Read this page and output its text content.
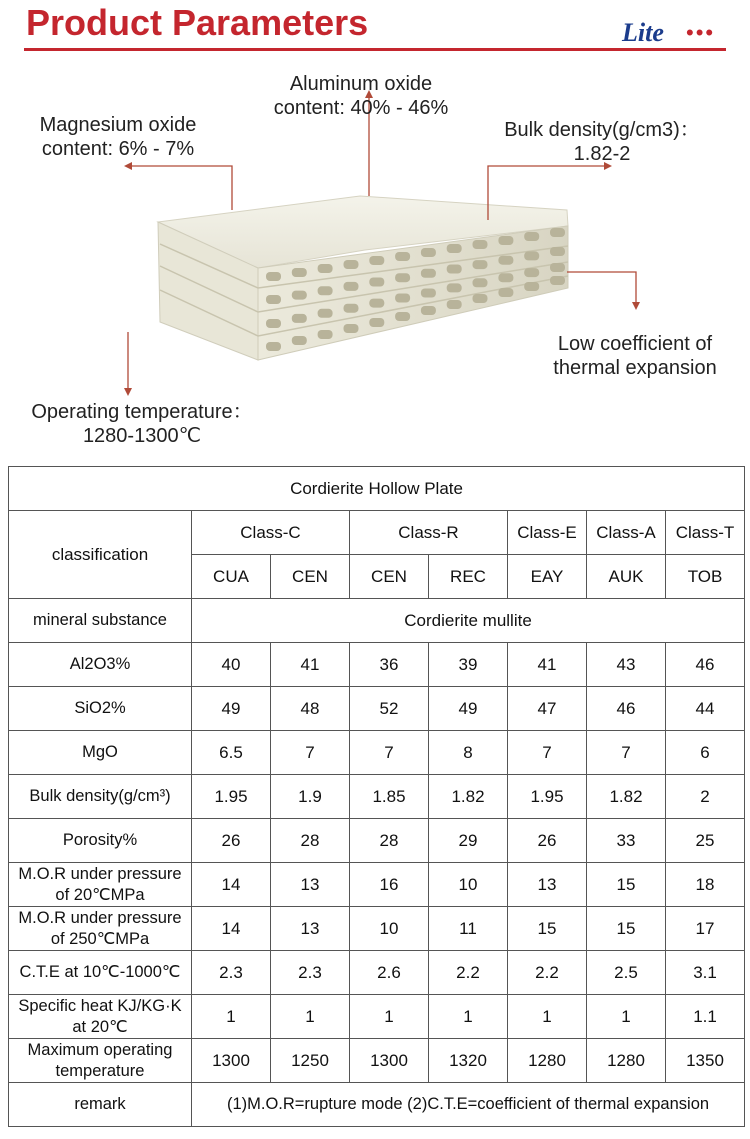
Product Parameters	Lite •••
Magnesium oxide
content: 6% - 7%
Aluminum oxide
content: 40% - 46%
Bulk density(g/cm3)：
1.82-2
Low coefficient of
thermal expansion
Operating temperature：
1280-1300℃
Cordierite Hollow Plate							
classification	Class-C		Class-R		Class-E	Class-A	Class-T
	CUA	CEN	CEN	REC	EAY	AUK	TOB
mineral substance	Cordierite mullite						

Al2O3%	40	41	36	39	41	43	46

SiO2%	49	48	52	49	47	46	44

MgO	6.5	7	7	8	7	7	6

Bulk density(g/cm³)	1.95	1.9	1.85	1.82	1.95	1.82	2

Porosity%	26	28	28	29	26	33	25

M.O.R under pressure
of 20℃MPa	14	13	16	10	13	15	18

M.O.R under pressure
of 250℃MPa	14	13	10	11	15	15	17

C.T.E at 10℃-1000℃	2.3	2.3	2.6	2.2	2.2	2.5	3.1

Specific heat KJ/KG·K
at 20℃	1	1	1	1	1	1	1.1

Maximum operating
temperature	1300	1250	1300	1320	1280	1280	1350
remark	(1)M.O.R=rupture mode (2)C.T.E=coefficient of thermal expansion						
